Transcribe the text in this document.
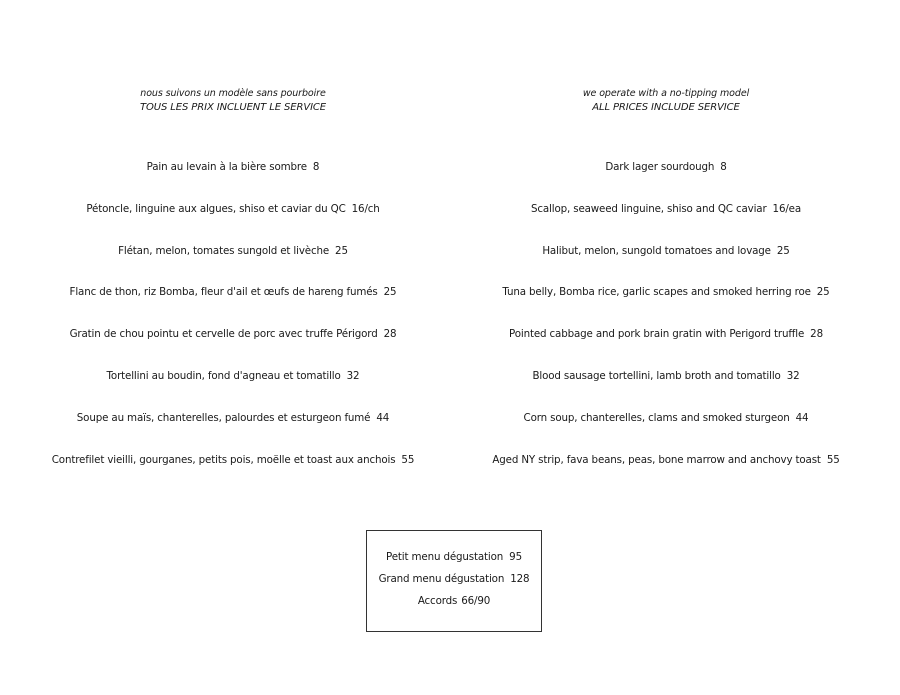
nous suivons un modèle sans pourboire
TOUS LES PRIX INCLUENT LE SERVICE
Pain au levain à la bière sombre 8
Pétoncle, linguine aux algues, shiso et caviar du QC 16/ch
Flétan, melon, tomates sungold et livèche 25
Flanc de thon, riz Bomba, fleur d'ail et œufs de hareng fumés 25
Gratin de chou pointu et cervelle de porc avec truffe Périgord 28
Tortellini au boudin, fond d'agneau et tomatillo 32
Soupe au maïs, chanterelles, palourdes et esturgeon fumé 44
Contrefilet vieilli, gourganes, petits pois, moëlle et toast aux anchois 55
we operate with a no-tipping model
ALL PRICES INCLUDE SERVICE
Dark lager sourdough 8
Scallop, seaweed linguine, shiso and QC caviar 16/ea
Halibut, melon, sungold tomatoes and lovage 25
Tuna belly, Bomba rice, garlic scapes and smoked herring roe 25
Pointed cabbage and pork brain gratin with Perigord truffle 28
Blood sausage tortellini, lamb broth and tomatillo 32
Corn soup, chanterelles, clams and smoked sturgeon 44
Aged NY strip, fava beans, peas, bone marrow and anchovy toast 55
Petit menu dégustation 95
Grand menu dégustation 128
Accords 66/90
